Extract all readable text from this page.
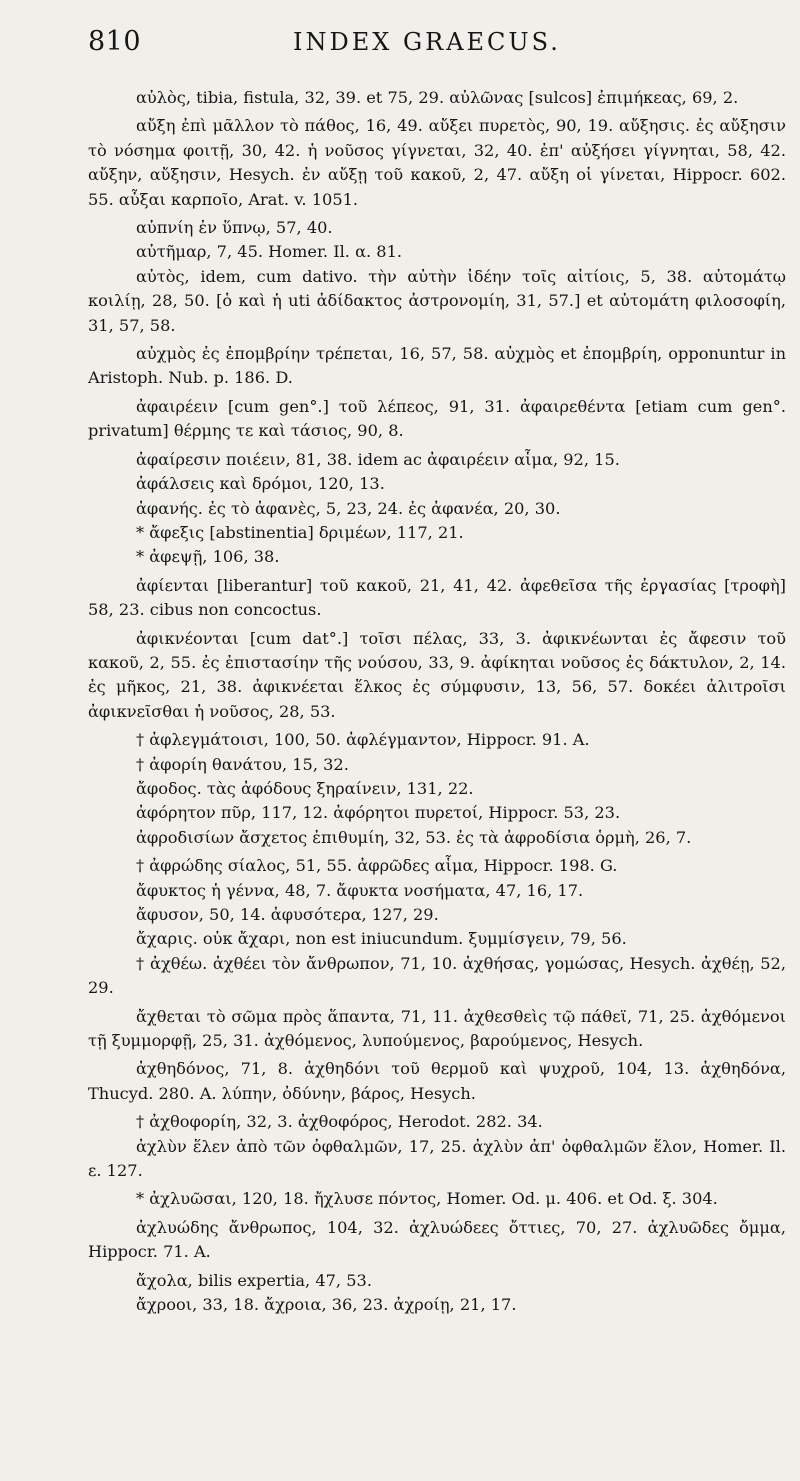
810	INDEX GRAECUS.

αὐλὸς, tibia, fistula, 32, 39. et 75, 29. αὐλῶνας [sulcos] ἐπιμήκεας, 69, 2.

αὔξη ἐπὶ μᾶλλον τὸ πάθος, 16, 49. αὔξει πυρετὸς, 90, 19. αὔξησις. ἐς αὔξησιν τὸ νόσημα φοιτῇ, 30, 42. ἡ νοῦσος γίγνεται, 32, 40. ἐπ' αὐξήσει γίγνηται, 58, 42. αὔξην, αὔξησιν, Hesych. ἐν αὔξῃ τοῦ κακοῦ, 2, 47. αὔξη οἱ γίνεται, Hippocr. 602. 55. αὖξαι καρποῖο, Arat. v. 1051.

αὐπνίη ἐν ὕπνῳ, 57, 40.

αὐτῆμαρ, 7, 45. Homer. Il. α. 81.

αὐτὸς, idem, cum dativo. τὴν αὐτὴν ἰδέην τοῖς αἰτίοις, 5, 38. αὐτομάτῳ κοιλίῃ, 28, 50. [ὁ καὶ ἡ uti ἀδίδακτος ἀστρονομίη, 31, 57.] et αὐτομάτη φιλοσοφίη, 31, 57, 58.

αὐχμὸς ἐς ἐπομβρίην τρέπεται, 16, 57, 58. αὐχμὸς et ἐπομβρίη, opponuntur in Aristoph. Nub. p. 186. D.

ἀφαιρέειν [cum gen°.] τοῦ λέπεος, 91, 31. ἀφαιρεθέντα [etiam cum gen°. privatum] θέρμης τε καὶ τάσιος, 90, 8.

ἀφαίρεσιν ποιέειν, 81, 38. idem ac ἀφαιρέειν αἷμα, 92, 15.

ἀφάλσεις καὶ δρόμοι, 120, 13.

ἀφανής. ἐς τὸ ἀφανὲς, 5, 23, 24. ἐς ἀφανέα, 20, 30.

* ἄφεξις [abstinentia] δριμέων, 117, 21.

* ἀφεψῇ, 106, 38.

ἀφίενται [liberantur] τοῦ κακοῦ, 21, 41, 42. ἀφεθεῖσα τῆς ἐργασίας [τροφὴ] 58, 23. cibus non concoctus.

ἀφικνέονται [cum dat°.] τοῖσι πέλας, 33, 3. ἀφικνέωνται ἐς ἄφεσιν τοῦ κακοῦ, 2, 55. ἐς ἐπιστασίην τῆς νούσου, 33, 9. ἀφίκηται νοῦσος ἐς δάκτυλον, 2, 14. ἐς μῆκος, 21, 38. ἀφικνέεται ἕλκος ἐς σύμφυσιν, 13, 56, 57. δοκέει ἀλιτροῖσι ἀφικνεῖσθαι ἡ νοῦσος, 28, 53.

† ἀφλεγμάτοισι, 100, 50. ἀφλέγμαντον, Hippocr. 91. A.

† ἀφορίη θανάτου, 15, 32.

ἄφοδος. τὰς ἀφόδους ξηραίνειν, 131, 22.

ἀφόρητον πῦρ, 117, 12. ἀφόρητοι πυρετοί, Hippocr. 53, 23.

ἀφροδισίων ἄσχετος ἐπιθυμίη, 32, 53. ἐς τὰ ἀφροδίσια ὁρμὴ, 26, 7.

† ἀφρώδης σίαλος, 51, 55. ἀφρῶδες αἷμα, Hippocr. 198. G.

ἄφυκτος ἡ γέννα, 48, 7. ἄφυκτα νοσήματα, 47, 16, 17.

ἄφυσον, 50, 14. ἀφυσότερα, 127, 29.

ἄχαρις. οὐκ ἄχαρι, non est iniucundum. ξυμμίσγειν, 79, 56.

† ἀχθέω. ἀχθέει τὸν ἄνθρωπον, 71, 10. ἀχθήσας, γομώσας, Hesych. ἀχθέῃ, 52, 29.

ἄχθεται τὸ σῶμα πρὸς ἅπαντα, 71, 11. ἀχθεσθεὶς τῷ πάθεϊ, 71, 25. ἀχθόμενοι τῇ ξυμμορφῇ, 25, 31. ἀχθόμενος, λυπούμενος, βαρούμενος, Hesych.

ἀχθηδόνος, 71, 8. ἀχθηδόνι τοῦ θερμοῦ καὶ ψυχροῦ, 104, 13. ἀχθηδόνα, Thucyd. 280. A. λύπην, ὀδύνην, βάρος, Hesych.

† ἀχθοφορίη, 32, 3. ἀχθοφόρος, Herodot. 282. 34.

ἀχλὺν ἕλεν ἀπὸ τῶν ὀφθαλμῶν, 17, 25. ἀχλὺν ἀπ' ὀφθαλμῶν ἕλον, Homer. Il. ε. 127.

* ἀχλυῶσαι, 120, 18. ἤχλυσε πόντος, Homer. Od. μ. 406. et Od. ξ. 304.

ἀχλυώδης ἄνθρωπος, 104, 32. ἀχλυώδεες ὄττιες, 70, 27. ἀχλυῶδες ὄμμα, Hippocr. 71. A.

ἄχολα, bilis expertia, 47, 53.

ἄχροοι, 33, 18. ἄχροια, 36, 23. ἀχροίῃ, 21, 17.
